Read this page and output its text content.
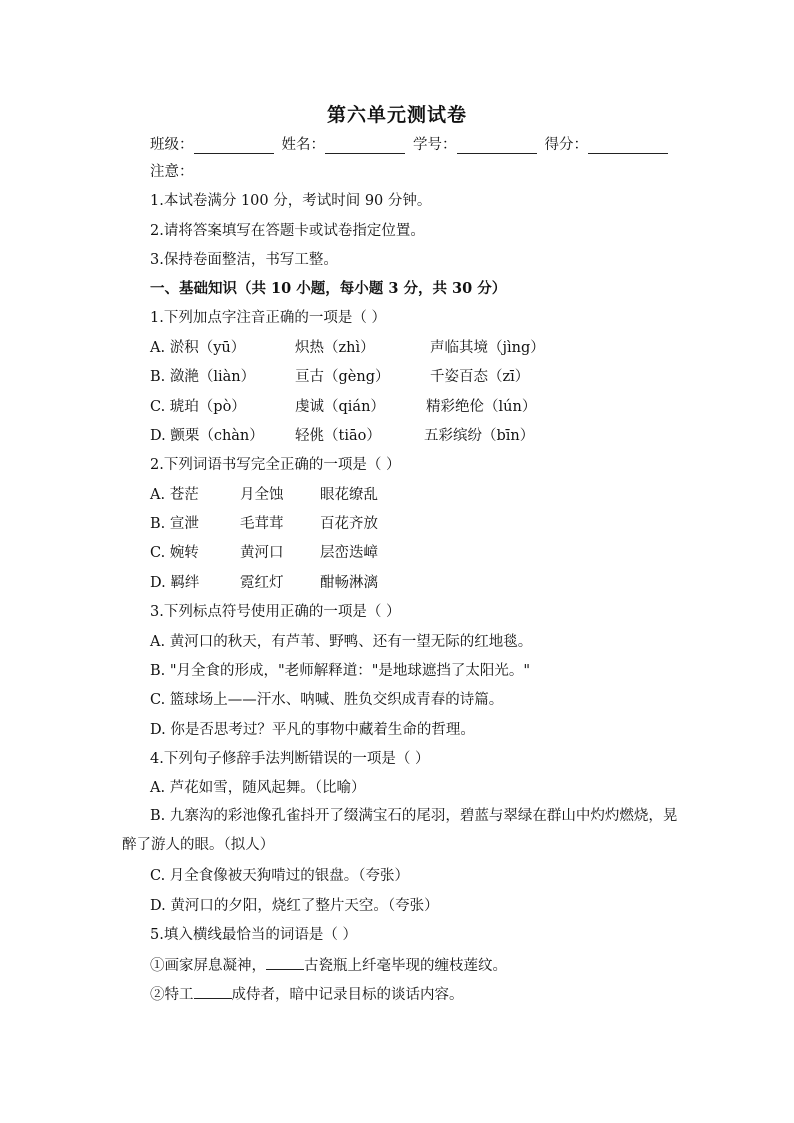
第六单元测试卷
班级：	姓名：	学号：	得分：
注意：
1.本试卷满分 100 分，考试时间 90 分钟。
2.请将答案填写在答题卡或试卷指定位置。
3.保持卷面整洁，书写工整。
一、基础知识（共 10 小题，每小题 3 分，共 30 分）
1.下列加点字注音正确的一项是（ ）
A. 淤积（yū）	炽热（zhì）	声临其境（jìng）
B. 潋滟（liàn）	亘古（gèng）	千姿百态（zī）
C. 琥珀（pò）	虔诚（qián）	精彩绝伦（lún）
D. 颤栗（chàn） 轻佻（tiāo）	五彩缤纷（bīn）
2.下列词语书写完全正确的一项是（ ）
A. 苍茫	月全蚀	眼花缭乱
B. 宣泄	毛茸茸	百花齐放
C. 婉转	黄河口	层峦迭嶂
D. 羁绊	霓红灯	酣畅淋漓
3.下列标点符号使用正确的一项是（ ）
A. 黄河口的秋天，有芦苇、野鸭、还有一望无际的红地毯。
B. "月全食的形成，"老师解释道："是地球遮挡了太阳光。"
C. 篮球场上——汗水、呐喊、胜负交织成青春的诗篇。
D. 你是否思考过？平凡的事物中藏着生命的哲理。
4.下列句子修辞手法判断错误的一项是（ ）
A. 芦花如雪，随风起舞。（比喻）
B. 九寨沟的彩池像孔雀抖开了缀满宝石的尾羽，碧蓝与翠绿在群山中灼灼燃烧，晃醉了游人的眼。（拟人）
C. 月全食像被天狗啃过的银盘。（夸张）
D. 黄河口的夕阳，烧红了整片天空。（夸张）
5.填入横线最恰当的词语是（ ）
①画家屏息凝神，	古瓷瓶上纤毫毕现的缠枝莲纹。
②特工	成侍者，暗中记录目标的谈话内容。
